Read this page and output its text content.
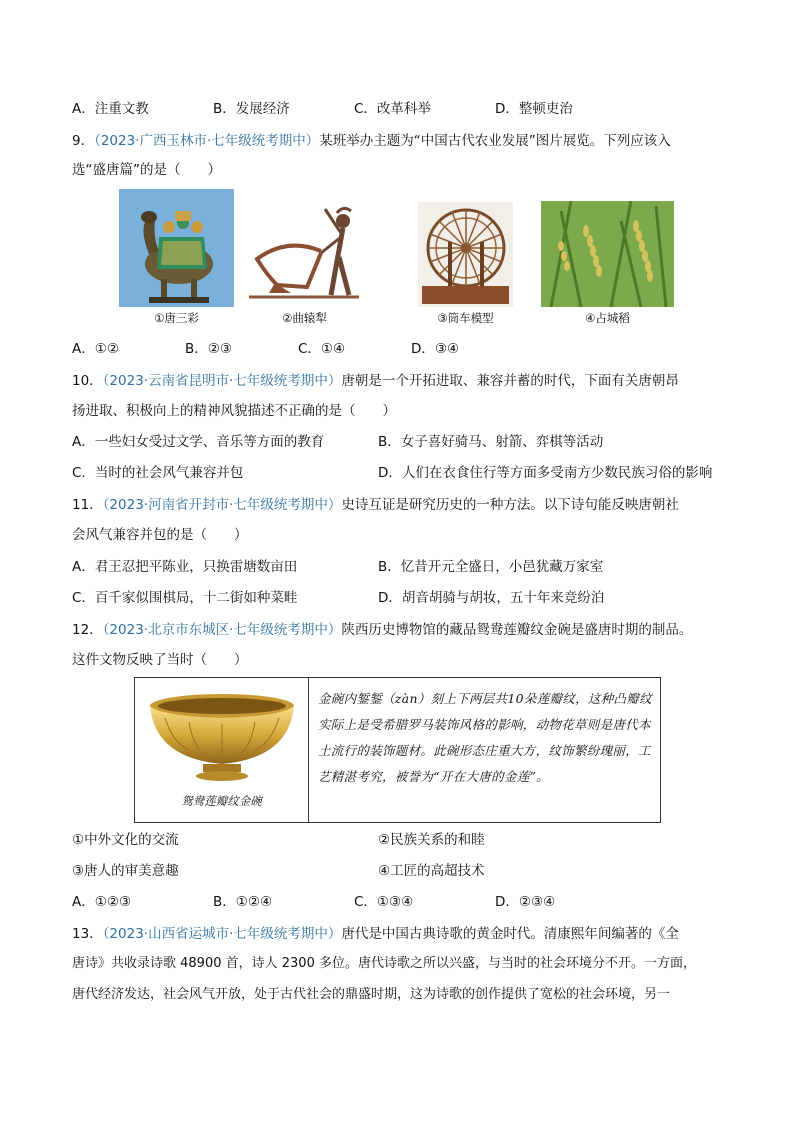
A．注重文教	B．发展经济	C．改革科举	D．整顿吏治
9．（2023·广西玉林市·七年级统考期中）某班举办主题为“中国古代农业发展”图片展览。下列应该入
选“盛唐篇”的是（　　）
①唐三彩	②曲辕犁	③筒车模型	④占城稻
A．①②	B．②③	C．①④	D．③④
10．（2023·云南省昆明市·七年级统考期中）唐朝是一个开拓进取、兼容并蓄的时代，下面有关唐朝昂
扬进取、积极向上的精神风貌描述不正确的是（　　）
A．一些妇女受过文学、音乐等方面的教育	B．女子喜好骑马、射箭、弈棋等活动
C．当时的社会风气兼容并包	D．人们在衣食住行等方面多受南方少数民族习俗的影响
11．（2023·河南省开封市·七年级统考期中）史诗互证是研究历史的一种方法。以下诗句能反映唐朝社
会风气兼容并包的是（　　）
A．君王忍把平陈业，只换雷塘数亩田	B．忆昔开元全盛日，小邑犹藏万家室
C．百千家似围棋局，十二街如种菜畦	D．胡音胡骑与胡妆，五十年来竞纷泊
12．（2023·北京市东城区·七年级统考期中）陕西历史博物馆的藏品鸳鸯莲瓣纹金碗是盛唐时期的制品。
这件文物反映了当时（　　）
鸳鸯莲瓣纹金碗
金碗内錾錾（zàn）刻上下两层共10朵莲瓣纹，这种凸瓣纹实际上是受希腊罗马装饰风格的影响，动物花草则是唐代本土流行的装饰题材。此碗形态庄重大方，纹饰繁纷瑰丽，工艺精湛考究，被誉为“开在大唐的金莲”。
①中外文化的交流	②民族关系的和睦
③唐人的审美意趣	④工匠的高超技术
A．①②③	B．①②④	C．①③④	D．②③④
13．（2023·山西省运城市·七年级统考期中）唐代是中国古典诗歌的黄金时代。清康熙年间编著的《全
唐诗》共收录诗歌 48900 首，诗人 2300 多位。唐代诗歌之所以兴盛，与当时的社会环境分不开。一方面，
唐代经济发达，社会风气开放，处于古代社会的鼎盛时期，这为诗歌的创作提供了宽松的社会环境，另一
